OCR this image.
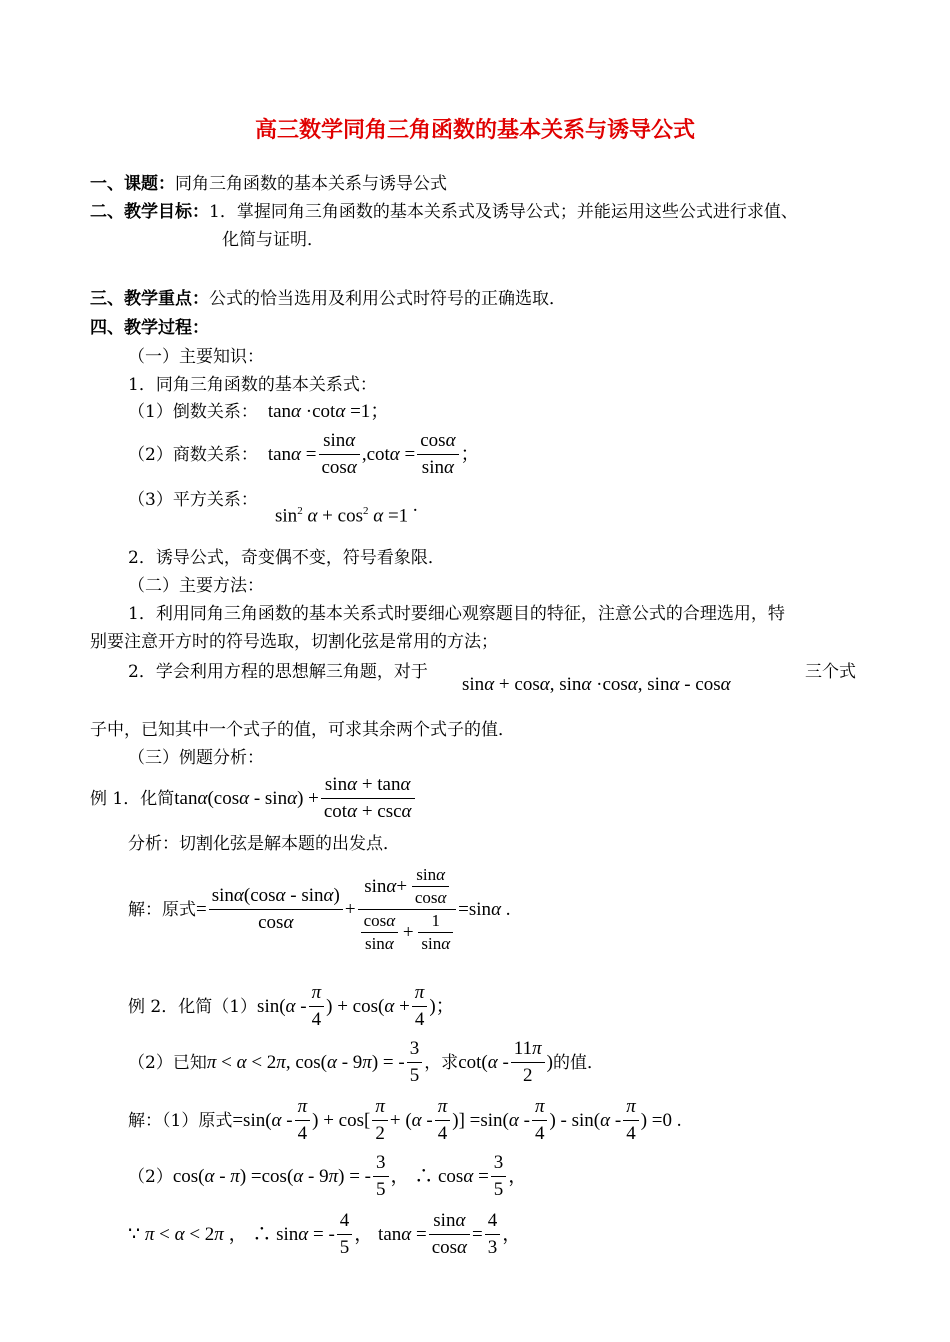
高三数学同角三角函数的基本关系与诱导公式
一、课题：同角三角函数的基本关系与诱导公式
二、教学目标：1．掌握同角三角函数的基本关系式及诱导公式；并能运用这些公式进行求值、
化简与证明．
三、教学重点：公式的恰当选用及利用公式时符号的正确选取．
四、教学过程：
（一）主要知识：
1．同角三角函数的基本关系式：
（1）倒数关系： tanα ·cotα =1；
（2）商数关系： $\tan\alpha = \frac{\sin\alpha}{\cos\alpha} ,\cot\alpha = \frac{\cos\alpha}{\sin\alpha}$ ；
（3）平方关系：
$\sin^2 \alpha + \cos^2 \alpha =1$ .
2．诱导公式，奇变偶不变，符号看象限．
（二）主要方法：
1．利用同角三角函数的基本关系式时要细心观察题目的特征，注意公式的合理选用，特
别要注意开方时的符号选取，切割化弦是常用的方法；
2．学会利用方程的思想解三角题，对于
sinα + cosα, sinα ·cosα, sinα - cosα
三个式
子中，已知其中一个式子的值，可求其余两个式子的值．
（三）例题分析：
例 1．化简 $\tan\alpha(\cos\alpha - \sin\alpha) + \frac{\sin\alpha + \tan\alpha}{\cot\alpha + \csc\alpha}$
分析：切割化弦是解本题的出发点．
解：原式 = $\frac{\sin\alpha(\cos\alpha - \sin\alpha)}{\cos\alpha} + \frac{\sin \alpha + \frac{\sin\alpha}{\cos\alpha}}{\frac{\cos\alpha}{\sin\alpha} + \frac{1}{\sin\alpha}} =\sin\alpha$ .
例 2．化简（1） $\sin(\alpha - \frac{\pi}{4}$ ) + $\cos(\alpha + \frac{\pi}{4}$ )；
（2）已知 π < α < 2π, cos(α - 9π) = - $\frac{3}{5}$ ，求 $\cot(\alpha - \frac{11\pi}{2}$ ) 的值．
解：（1）原式 $=\sin(\alpha - \frac{\pi}{4}$ ) + $\cos[ \frac{\pi}{2} + (\alpha - \frac{\pi}{4}$ )] $=\sin(\alpha - \frac{\pi}{4}$ ) - $\sin(\alpha - \frac{\pi}{4}$ ) =0 .
（2） cos(α - π) =cos(α - 9π) = - $\frac{3}{5}$ ， ∴ $\cos\alpha = \frac{3}{5}$ ，
∵ π < α < 2π ， ∴ sinα = - $\frac{4}{5}$ ， $\tan\alpha = \frac{\sin\alpha}{\cos\alpha} = \frac{4}{3}$ ，
